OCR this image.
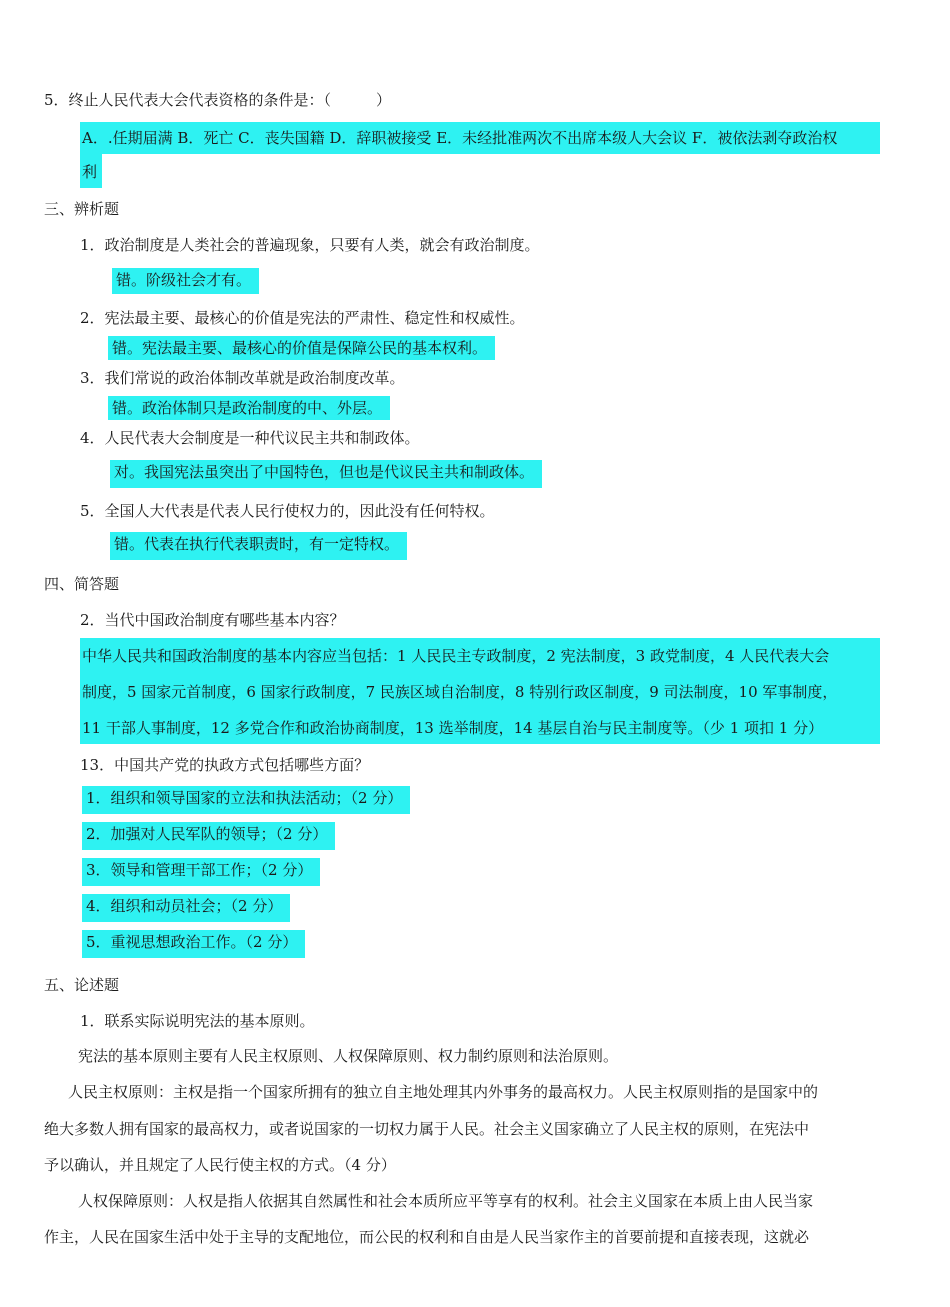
5．终止人民代表大会代表资格的条件是：（　　　）
A．.任期届满 B．死亡 C．丧失国籍 D．辞职被接受 E．未经批准两次不出席本级人大会议 F．被依法剥夺政治权
利
三、辨析题
1．政治制度是人类社会的普遍现象，只要有人类，就会有政治制度。
错。阶级社会才有。
2．宪法最主要、最核心的价值是宪法的严肃性、稳定性和权威性。
错。宪法最主要、最核心的价值是保障公民的基本权利。
3．我们常说的政治体制改革就是政治制度改革。
错。政治体制只是政治制度的中、外层。
4．人民代表大会制度是一种代议民主共和制政体。
对。我国宪法虽突出了中国特色，但也是代议民主共和制政体。
5．全国人大代表是代表人民行使权力的，因此没有任何特权。
错。代表在执行代表职责时，有一定特权。
四、简答题
2．当代中国政治制度有哪些基本内容？
中华人民共和国政治制度的基本内容应当包括：1 人民民主专政制度，2 宪法制度，3 政党制度，4 人民代表大会
制度，5 国家元首制度，6 国家行政制度，7 民族区域自治制度，8 特别行政区制度，9 司法制度，10 军事制度，
11 干部人事制度，12 多党合作和政治协商制度，13 选举制度，14 基层自治与民主制度等。（少 1 项扣 1 分）
13．中国共产党的执政方式包括哪些方面？
1．组织和领导国家的立法和执法活动；（2 分）
2．加强对人民军队的领导；（2 分）
3．领导和管理干部工作；（2 分）
4．组织和动员社会；（2 分）
5．重视思想政治工作。（2 分）
五、论述题
1．联系实际说明宪法的基本原则。
宪法的基本原则主要有人民主权原则、人权保障原则、权力制约原则和法治原则。
人民主权原则：主权是指一个国家所拥有的独立自主地处理其内外事务的最高权力。人民主权原则指的是国家中的
绝大多数人拥有国家的最高权力，或者说国家的一切权力属于人民。社会主义国家确立了人民主权的原则，在宪法中
予以确认，并且规定了人民行使主权的方式。（4 分）
人权保障原则：人权是指人依据其自然属性和社会本质所应平等享有的权利。社会主义国家在本质上由人民当家
作主，人民在国家生活中处于主导的支配地位，而公民的权利和自由是人民当家作主的首要前提和直接表现，这就必
